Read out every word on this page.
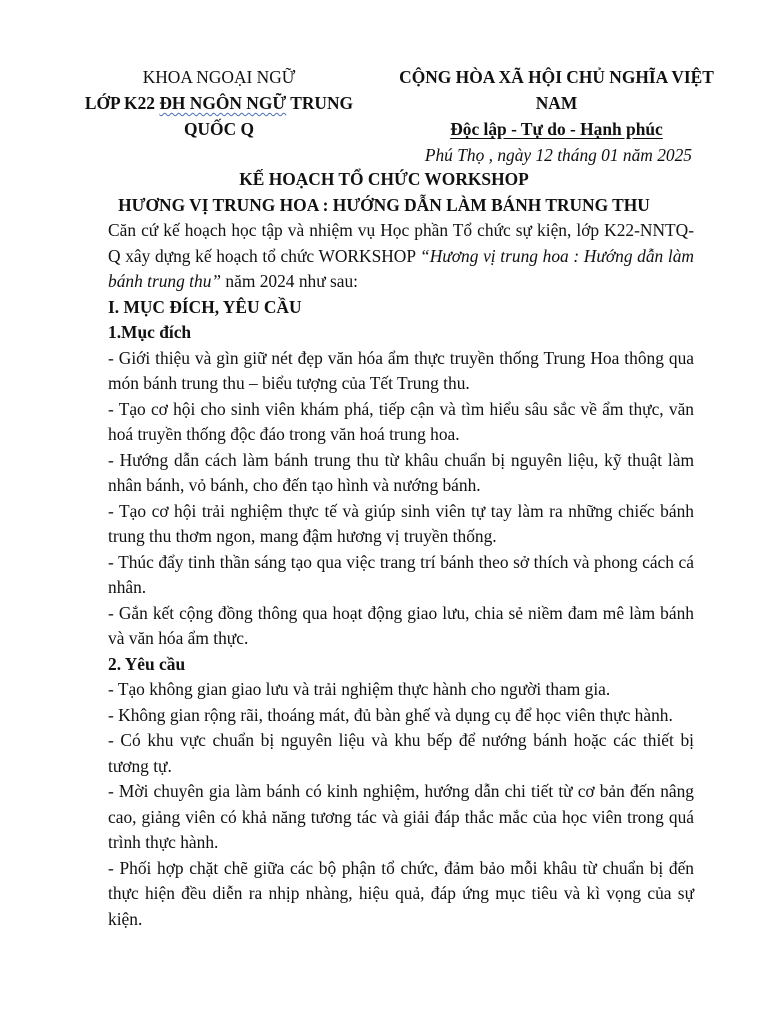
KHOA NGOẠI NGỮ
LỚP K22 ĐH NGÔN NGỮ TRUNG QUỐC Q
CỘNG HÒA XÃ HỘI CHỦ NGHĨA VIỆT NAM
Độc lập - Tự do - Hạnh phúc
Phú Thọ , ngày 12 tháng 01 năm 2025
KẾ HOẠCH TỔ CHỨC WORKSHOP
HƯƠNG VỊ TRUNG HOA : HƯỚNG DẪN LÀM BÁNH TRUNG THU

Căn cứ kế hoạch học tập và nhiệm vụ Học phần Tổ chức sự kiện, lớp K22-NNTQ-Q xây dựng kế hoạch tổ chức WORKSHOP “Hương vị trung hoa : Hướng dẫn làm bánh trung thu” năm 2024 như sau:

I. MỤC ĐÍCH, YÊU CẦU

1.Mục đích

- Giới thiệu và gìn giữ nét đẹp văn hóa ẩm thực truyền thống Trung Hoa thông qua món bánh trung thu – biểu tượng của Tết Trung thu.

- Tạo cơ hội cho sinh viên khám phá, tiếp cận và tìm hiểu sâu sắc về ẩm thực, văn hoá truyền thống độc đáo trong văn hoá trung hoa.

- Hướng dẫn cách làm bánh trung thu từ khâu chuẩn bị nguyên liệu, kỹ thuật làm nhân bánh, vỏ bánh, cho đến tạo hình và nướng bánh.

- Tạo cơ hội trải nghiệm thực tế và giúp sinh viên tự tay làm ra những chiếc bánh trung thu thơm ngon, mang đậm hương vị truyền thống.

- Thúc đẩy tinh thần sáng tạo qua việc trang trí bánh theo sở thích và phong cách cá nhân.

- Gắn kết cộng đồng thông qua hoạt động giao lưu, chia sẻ niềm đam mê làm bánh và văn hóa ẩm thực.

2. Yêu cầu

- Tạo không gian giao lưu và trải nghiệm thực hành cho người tham gia.

- Không gian rộng rãi, thoáng mát, đủ bàn ghế và dụng cụ để học viên thực hành.

- Có khu vực chuẩn bị nguyên liệu và khu bếp để nướng bánh hoặc các thiết bị tương tự.

- Mời chuyên gia làm bánh có kinh nghiệm, hướng dẫn chi tiết từ cơ bản đến nâng cao, giảng viên có khả năng tương tác và giải đáp thắc mắc của học viên trong quá trình thực hành.

- Phối hợp chặt chẽ giữa các bộ phận tổ chức, đảm bảo mỗi khâu từ chuẩn bị đến thực hiện đều diễn ra nhịp nhàng, hiệu quả, đáp ứng mục tiêu và kì vọng của sự kiện.
